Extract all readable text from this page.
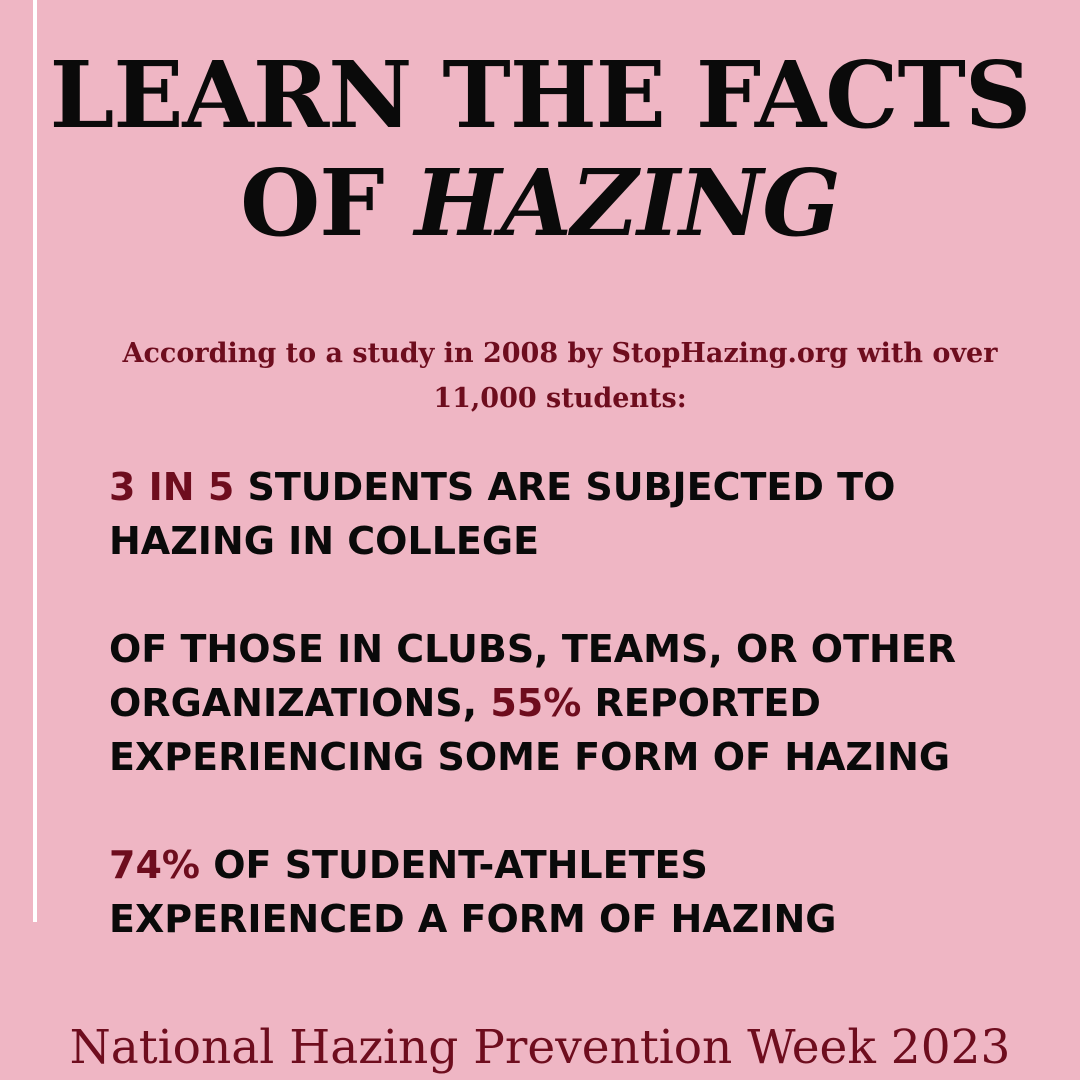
LEARN THE FACTS
OF HAZING

According to a study in 2008 by StopHazing.org with over
11,000 students:

3 IN 5 STUDENTS ARE SUBJECTED TO
HAZING IN COLLEGE
OF THOSE IN CLUBS, TEAMS, OR OTHER
ORGANIZATIONS, 55% REPORTED
EXPERIENCING SOME FORM OF HAZING
74% OF STUDENT-ATHLETES
EXPERIENCED A FORM OF HAZING
National Hazing Prevention Week 2023
